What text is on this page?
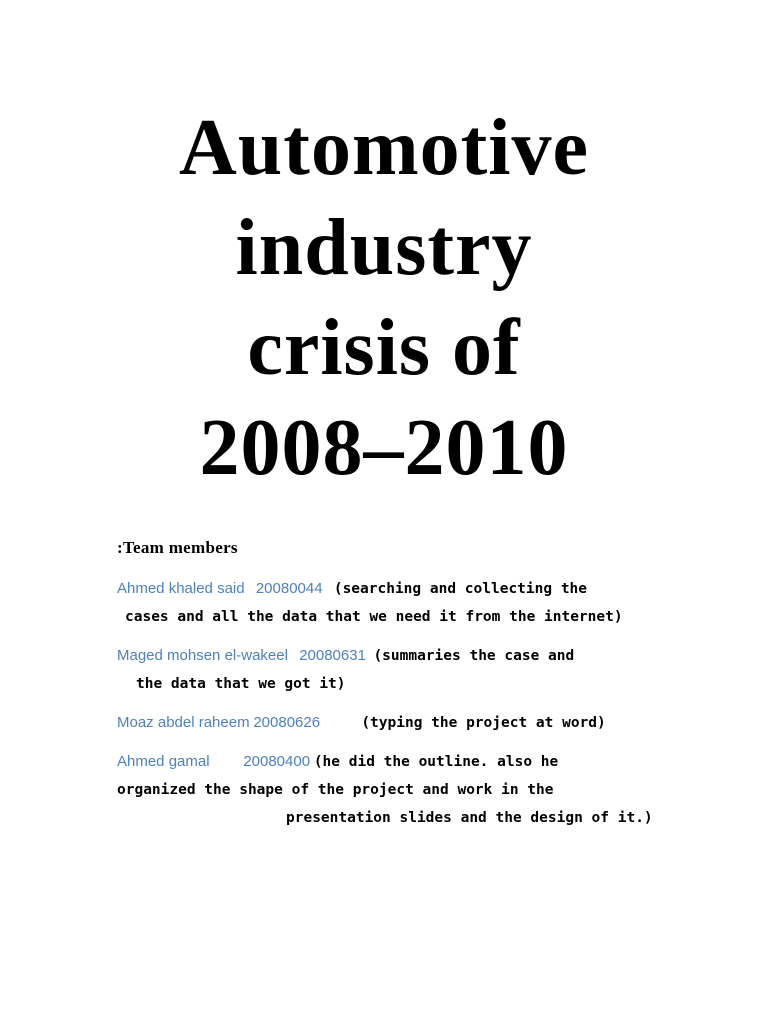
Automotive
industry
crisis of
2008–2010

:Team members

Ahmed khaled said 20080044 (searching and collecting the
cases and all the data that we need it from the internet)
Maged mohsen el-wakeel 20080631 (summaries the case and
the data that we got it)
Moaz abdel raheem 20080626	(typing the project at word)
Ahmed gamal 20080400 (he did the outline. also he
organized the shape of the project and work in the
presentation slides and the design of it.)
